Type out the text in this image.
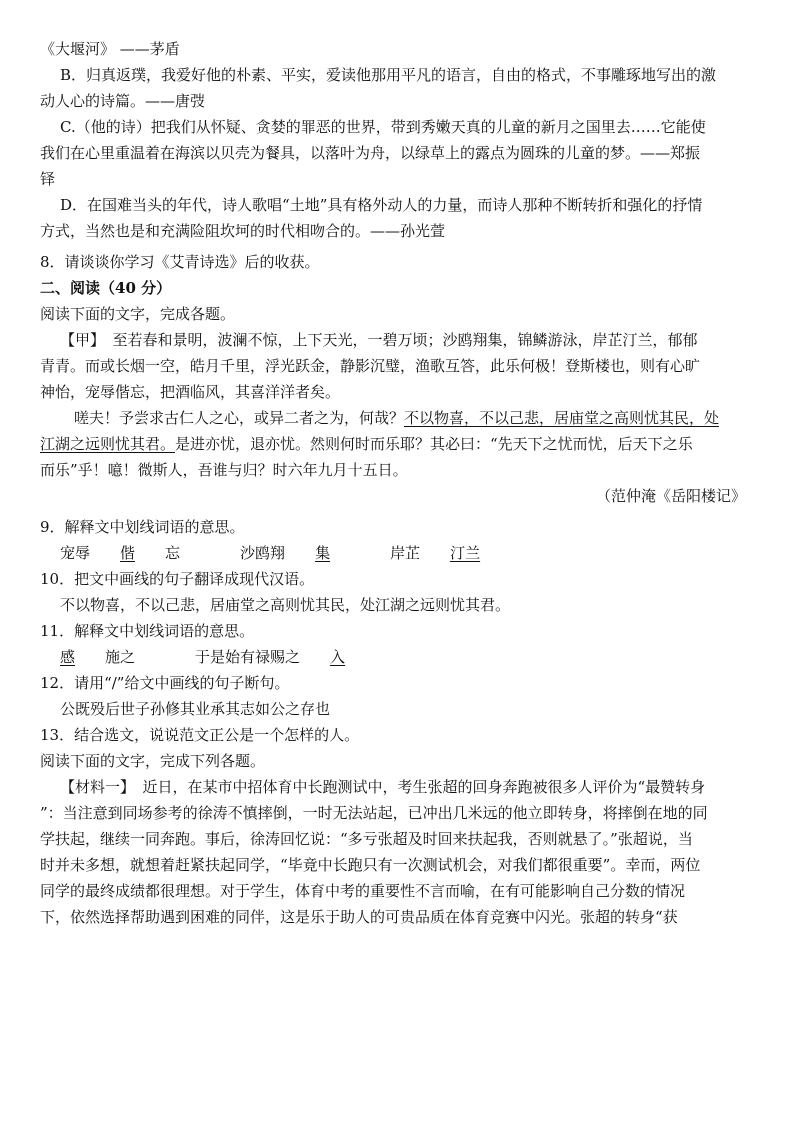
《大堰河》 ——茅盾
B．归真返璞，我爱好他的朴素、平实，爱读他那用平凡的语言，自由的格式，不事雕琢地写出的激
动人心的诗篇。——唐弢
C.（他的诗）把我们从怀疑、贪婪的罪恶的世界，带到秀嫩天真的儿童的新月之国里去……它能使
我们在心里重温着在海滨以贝壳为餐具，以落叶为舟，以绿草上的露点为圆珠的儿童的梦。——郑振
铎
D．在国难当头的年代，诗人歌唱“土地”具有格外动人的力量，而诗人那种不断转折和强化的抒情
方式，当然也是和充满险阻坎坷的时代相吻合的。——孙光萱
8．请谈谈你学习《艾青诗选》后的收获。
二、阅读（40 分）
阅读下面的文字，完成各题。
【甲】　至若春和景明，波澜不惊，上下天光，一碧万顷；沙鸥翔集，锦鳞游泳，岸芷汀兰，郁郁
青青。而或长烟一空，皓月千里，浮光跃金，静影沉璧，渔歌互答，此乐何极！登斯楼也，则有心旷
神怡，宠辱偕忘，把酒临风，其喜洋洋者矣。
嗟夫！予尝求古仁人之心，或异二者之为，何哉？不以物喜，不以己悲，居庙堂之高则忧其民，处
江湖之远则忧其君。是进亦忧，退亦忧。然则何时而乐耶？其必曰：“先天下之忧而忧，后天下之乐
而乐”乎！噫！微斯人，吾谁与归？时六年九月十五日。
（范仲淹《岳阳楼记》
9．解释文中划线词语的意思。
宠辱 偕 忘	沙鸥翔 集	岸芷 汀兰
10．把文中画线的句子翻译成现代汉语。
不以物喜，不以己悲，居庙堂之高则忧其民，处江湖之远则忧其君。
11．解释文中划线词语的意思。
感 施之	于是始有禄赐之 入
12．请用“/”给文中画线的句子断句。
公既殁后世子孙修其业承其志如公之存也
13．结合选文，说说范文正公是一个怎样的人。
阅读下面的文字，完成下列各题。
【材料一】　近日，在某市中招体育中长跑测试中，考生张超的回身奔跑被很多人评价为“最赞转身
”：当注意到同场参考的徐涛不慎摔倒，一时无法站起，已冲出几米远的他立即转身，将摔倒在地的同
学扶起，继续一同奔跑。事后，徐涛回忆说：“多亏张超及时回来扶起我，否则就悬了。”张超说，当
时并未多想，就想着赶紧扶起同学，“毕竟中长跑只有一次测试机会，对我们都很重要”。幸而，两位
同学的最终成绩都很理想。对于学生，体育中考的重要性不言而喻，在有可能影响自己分数的情况
下，依然选择帮助遇到困难的同伴，这是乐于助人的可贵品质在体育竞赛中闪光。张超的转身“获
